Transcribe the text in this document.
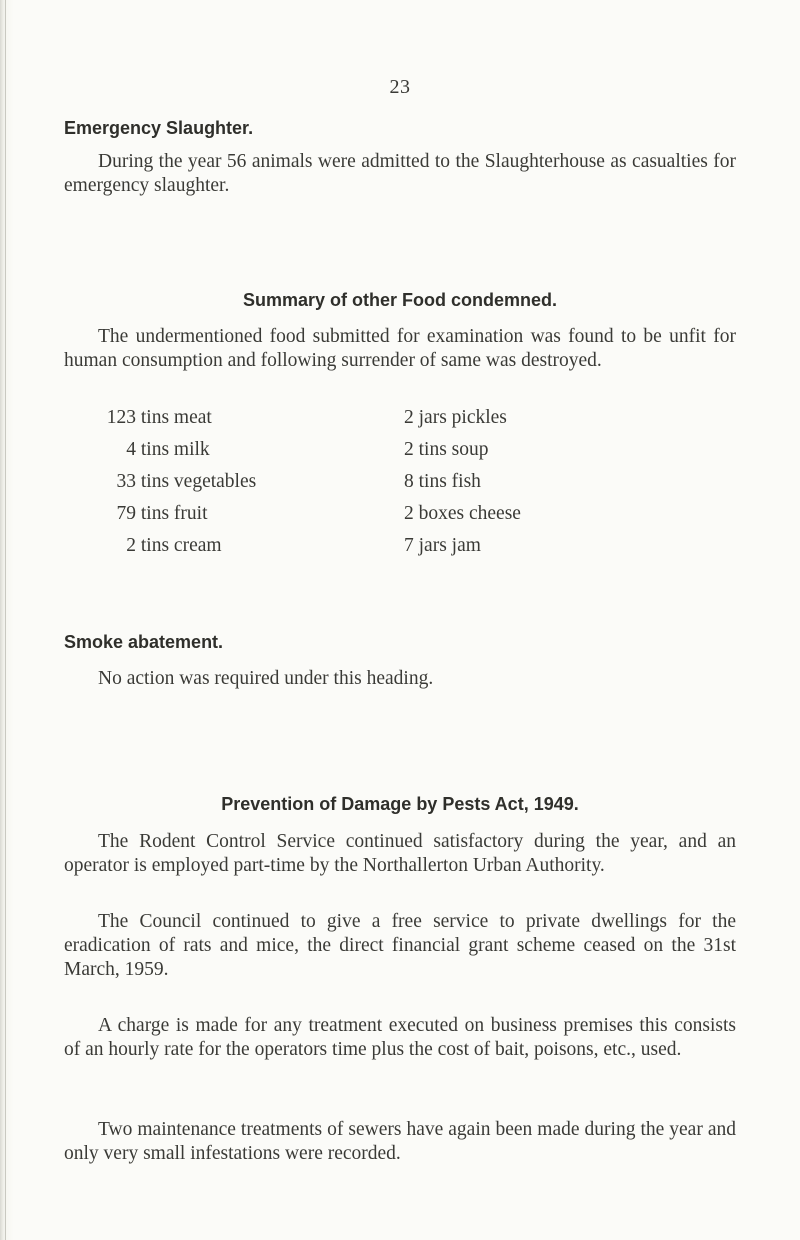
23
Emergency Slaughter.

During the year 56 animals were admitted to the Slaughterhouse as casualties for emergency slaughter.

Summary of other Food condemned.

The undermentioned food submitted for examination was found to be unfit for human consumption and following surrender of same was destroyed.

123 tins meat
4 tins milk
33 tins vegetables
79 tins fruit
2 tins cream
2 jars pickles
2 tins soup
8 tins fish
2 boxes cheese
7 jars jam
Smoke abatement.

No action was required under this heading.

Prevention of Damage by Pests Act, 1949.

The Rodent Control Service continued satisfactory during the year, and an operator is employed part-time by the Northallerton Urban Authority.

The Council continued to give a free service to private dwellings for the eradication of rats and mice, the direct financial grant scheme ceased on the 31st March, 1959.

A charge is made for any treatment executed on business premises this consists of an hourly rate for the operators time plus the cost of bait, poisons, etc., used.

Two maintenance treatments of sewers have again been made during the year and only very small infestations were recorded.
